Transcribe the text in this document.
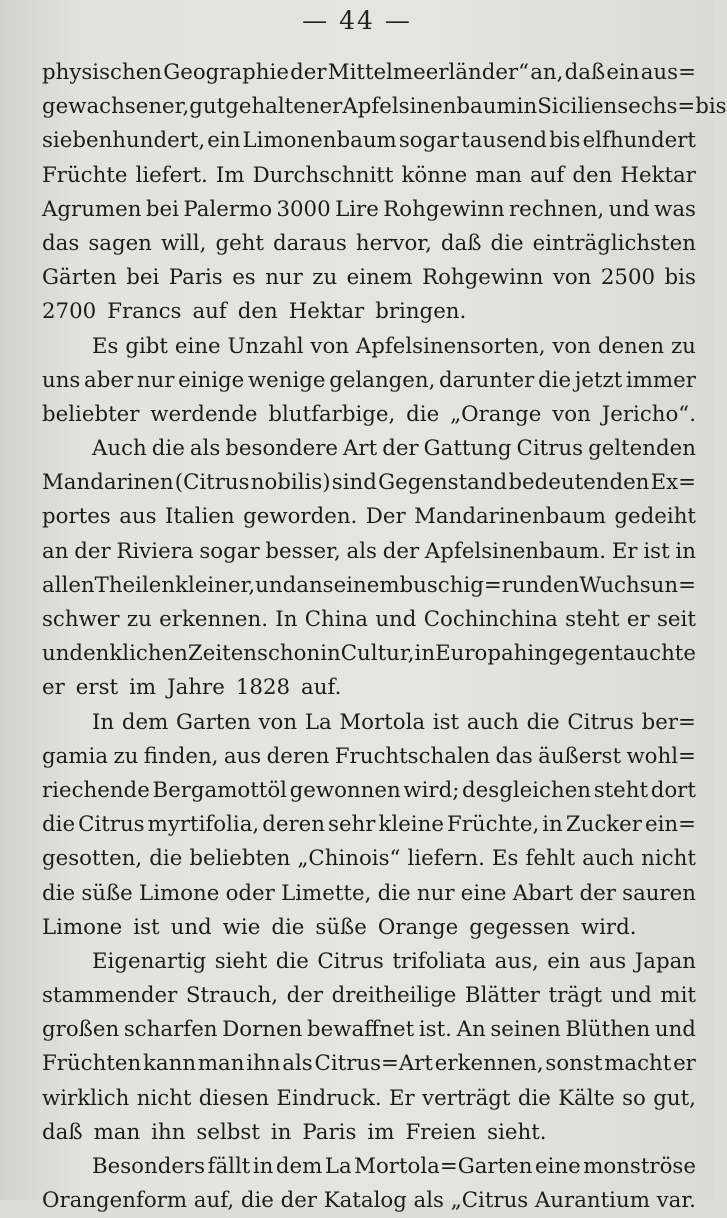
— 44 —
physischen Geographie der Mittelmeerländer“ an, daß ein aus=
gewachsener, gut gehaltener Apfelsinenbaum in Sicilien sechs= bis
siebenhundert, ein Limonenbaum sogar tausend bis elfhundert
Früchte liefert. Im Durchschnitt könne man auf den Hektar
Agrumen bei Palermo 3000 Lire Rohgewinn rechnen, und was
das sagen will, geht daraus hervor, daß die einträglichsten
Gärten bei Paris es nur zu einem Rohgewinn von 2500 bis
2700 Francs auf den Hektar bringen.
Es gibt eine Unzahl von Apfelsinensorten, von denen zu
uns aber nur einige wenige gelangen, darunter die jetzt immer
beliebter werdende blutfarbige, die „Orange von Jericho“.
Auch die als besondere Art der Gattung Citrus geltenden
Mandarinen (Citrus nobilis) sind Gegenstand bedeutenden Ex=
portes aus Italien geworden. Der Mandarinenbaum gedeiht
an der Riviera sogar besser, als der Apfelsinenbaum. Er ist in
allen Theilen kleiner, und an seinem buschig=runden Wuchs un=
schwer zu erkennen. In China und Cochinchina steht er seit
undenklichen Zeiten schon in Cultur, in Europa hingegen tauchte
er erst im Jahre 1828 auf.
In dem Garten von La Mortola ist auch die Citrus ber=
gamia zu finden, aus deren Fruchtschalen das äußerst wohl=
riechende Bergamottöl gewonnen wird; desgleichen steht dort
die Citrus myrtifolia, deren sehr kleine Früchte, in Zucker ein=
gesotten, die beliebten „Chinois“ liefern. Es fehlt auch nicht
die süße Limone oder Limette, die nur eine Abart der sauren
Limone ist und wie die süße Orange gegessen wird.
Eigenartig sieht die Citrus trifoliata aus, ein aus Japan
stammender Strauch, der dreitheilige Blätter trägt und mit
großen scharfen Dornen bewaffnet ist. An seinen Blüthen und
Früchten kann man ihn als Citrus=Art erkennen, sonst macht er
wirklich nicht diesen Eindruck. Er verträgt die Kälte so gut,
daß man ihn selbst in Paris im Freien sieht.
Besonders fällt in dem La Mortola=Garten eine monströse
Orangenform auf, die der Katalog als „Citrus Aurantium var.
